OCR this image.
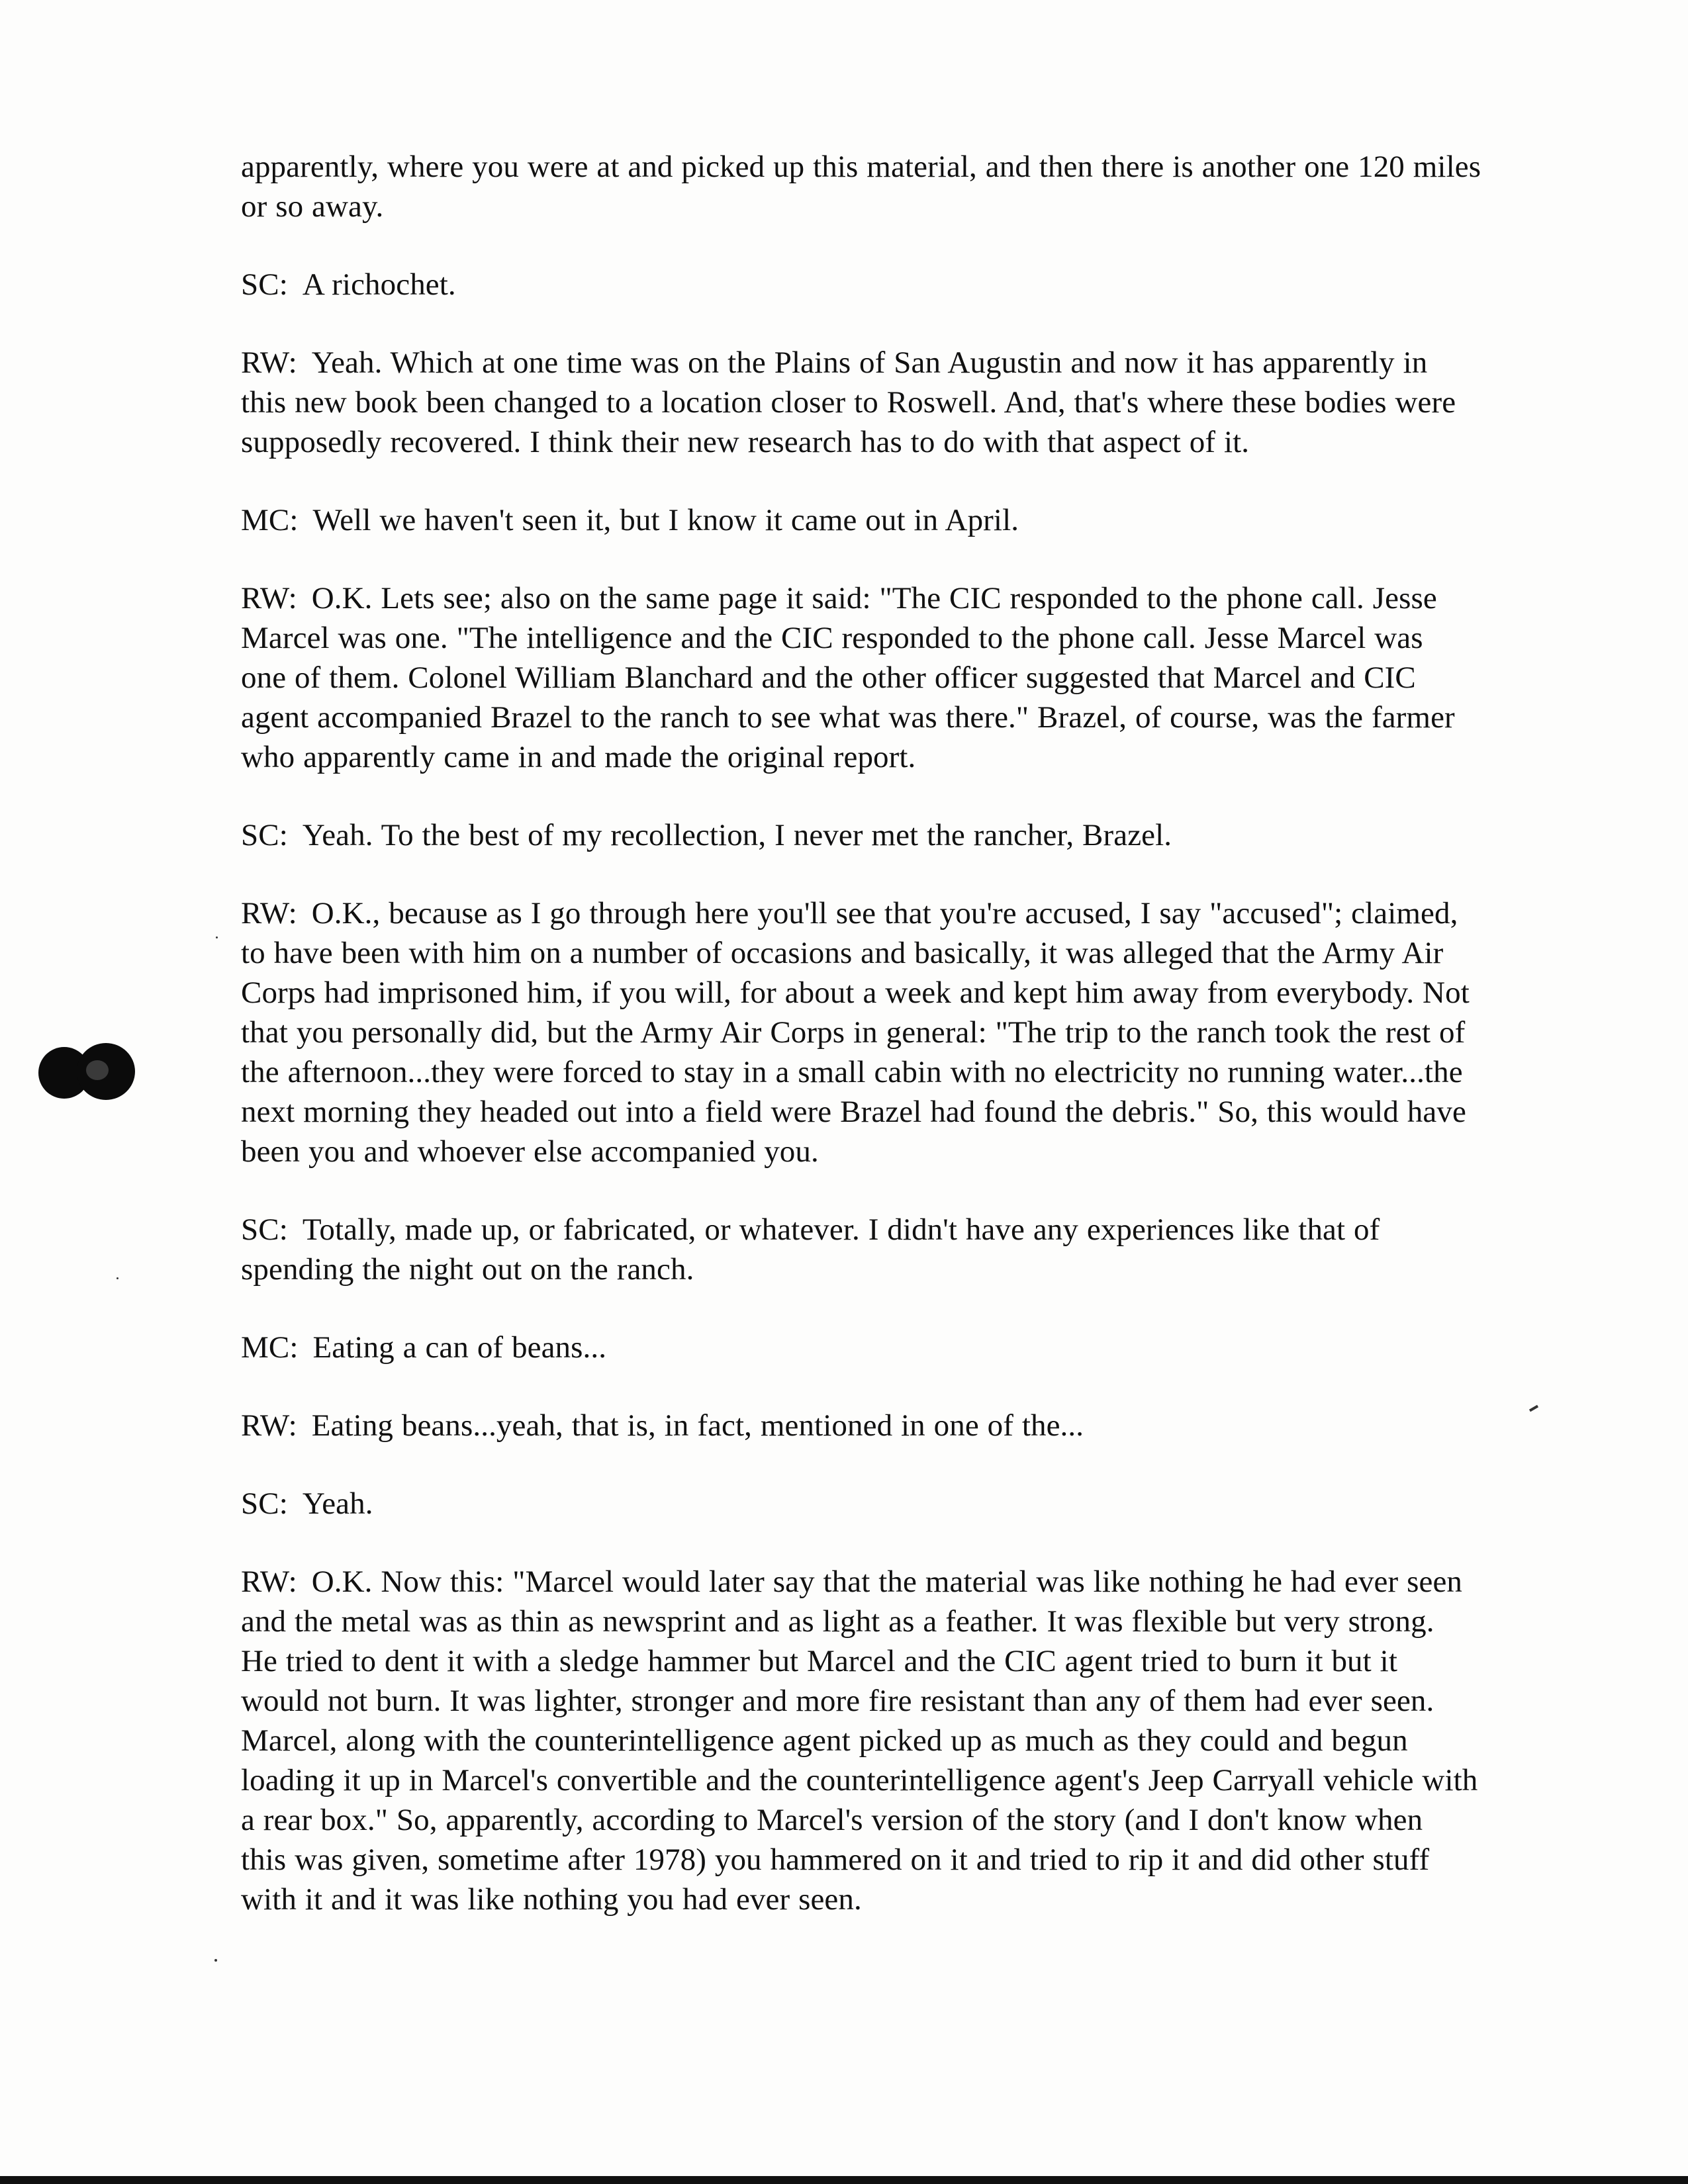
apparently, where you were at and picked up this material, and then there is another one 120 miles
or so away.
SC: A richochet.
RW: Yeah. Which at one time was on the Plains of San Augustin and now it has apparently in
this new book been changed to a location closer to Roswell. And, that's where these bodies were
supposedly recovered. I think their new research has to do with that aspect of it.
MC: Well we haven't seen it, but I know it came out in April.
RW: O.K. Lets see; also on the same page it said: "The CIC responded to the phone call. Jesse
Marcel was one. "The intelligence and the CIC responded to the phone call. Jesse Marcel was
one of them. Colonel William Blanchard and the other officer suggested that Marcel and CIC
agent accompanied Brazel to the ranch to see what was there." Brazel, of course, was the farmer
who apparently came in and made the original report.
SC: Yeah. To the best of my recollection, I never met the rancher, Brazel.
RW: O.K., because as I go through here you'll see that you're accused, I say "accused"; claimed,
to have been with him on a number of occasions and basically, it was alleged that the Army Air
Corps had imprisoned him, if you will, for about a week and kept him away from everybody. Not
that you personally did, but the Army Air Corps in general: "The trip to the ranch took the rest of
the afternoon...they were forced to stay in a small cabin with no electricity no running water...the
next morning they headed out into a field were Brazel had found the debris." So, this would have
been you and whoever else accompanied you.
SC: Totally, made up, or fabricated, or whatever. I didn't have any experiences like that of
spending the night out on the ranch.
MC: Eating a can of beans...
RW: Eating beans...yeah, that is, in fact, mentioned in one of the...
SC: Yeah.
RW: O.K. Now this: "Marcel would later say that the material was like nothing he had ever seen
and the metal was as thin as newsprint and as light as a feather. It was flexible but very strong.
He tried to dent it with a sledge hammer but Marcel and the CIC agent tried to burn it but it
would not burn. It was lighter, stronger and more fire resistant than any of them had ever seen.
Marcel, along with the counterintelligence agent picked up as much as they could and begun
loading it up in Marcel's convertible and the counterintelligence agent's Jeep Carryall vehicle with
a rear box." So, apparently, according to Marcel's version of the story (and I don't know when
this was given, sometime after 1978) you hammered on it and tried to rip it and did other stuff
with it and it was like nothing you had ever seen.
